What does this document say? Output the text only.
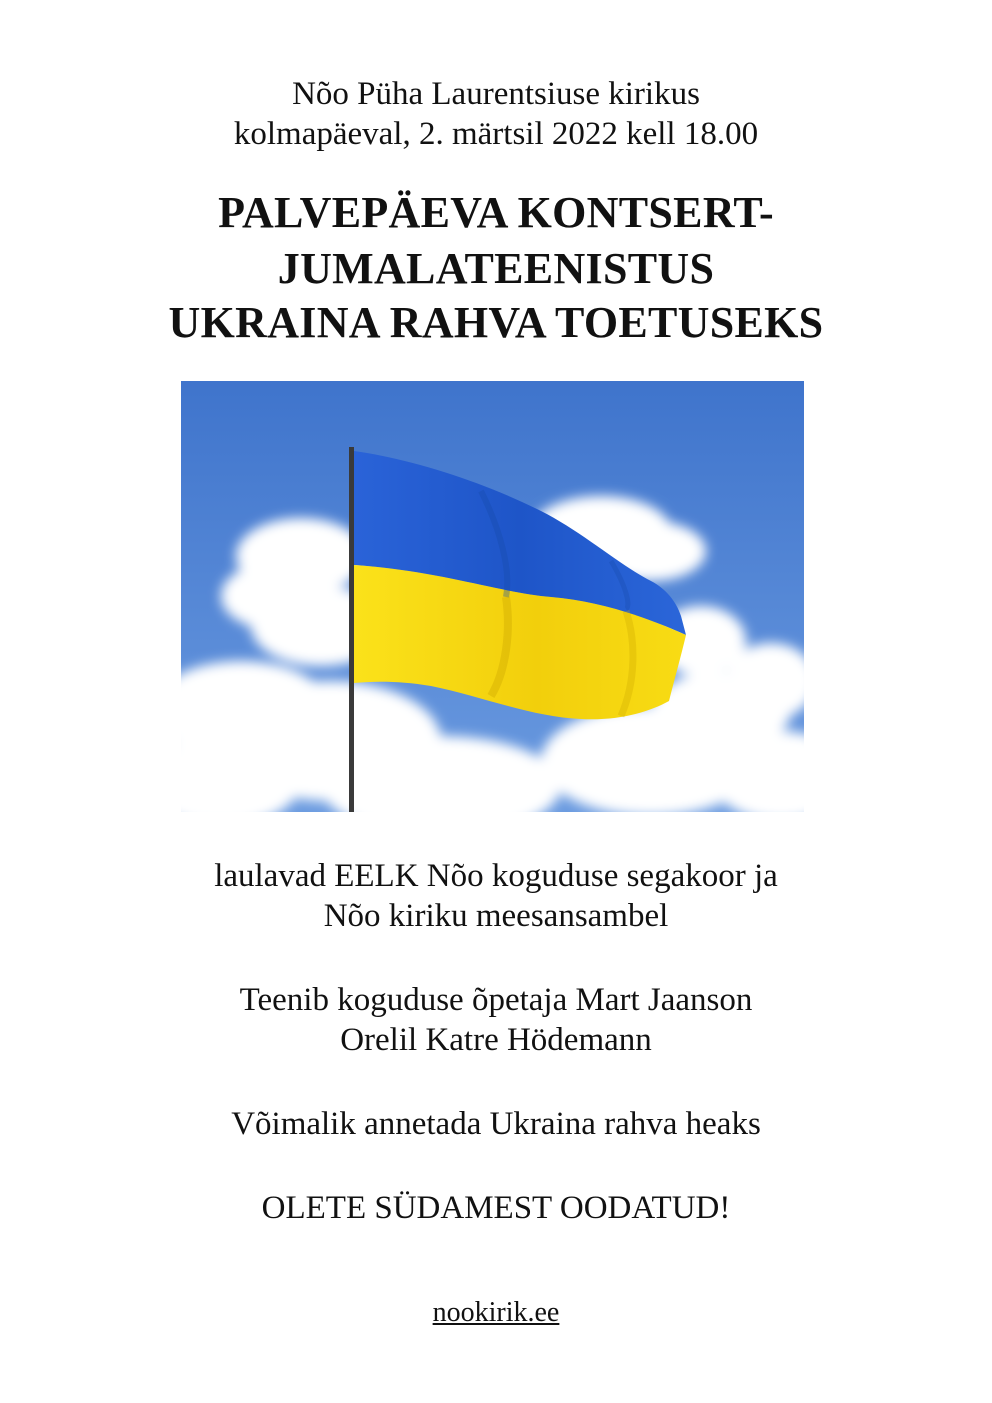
Nõo Püha Laurentsiuse kirikus
kolmapäeval, 2. märtsil 2022 kell 18.00
PALVEPÄEVA KONTSERT-
JUMALATEENISTUS
UKRAINA RAHVA TOETUSEKS
laulavad EELK Nõo koguduse segakoor ja
Nõo kiriku meesansambel
Teenib koguduse õpetaja Mart Jaanson
Orelil Katre Hödemann
Võimalik annetada Ukraina rahva heaks
OLETE SÜDAMEST OODATUD!
nookirik.ee
